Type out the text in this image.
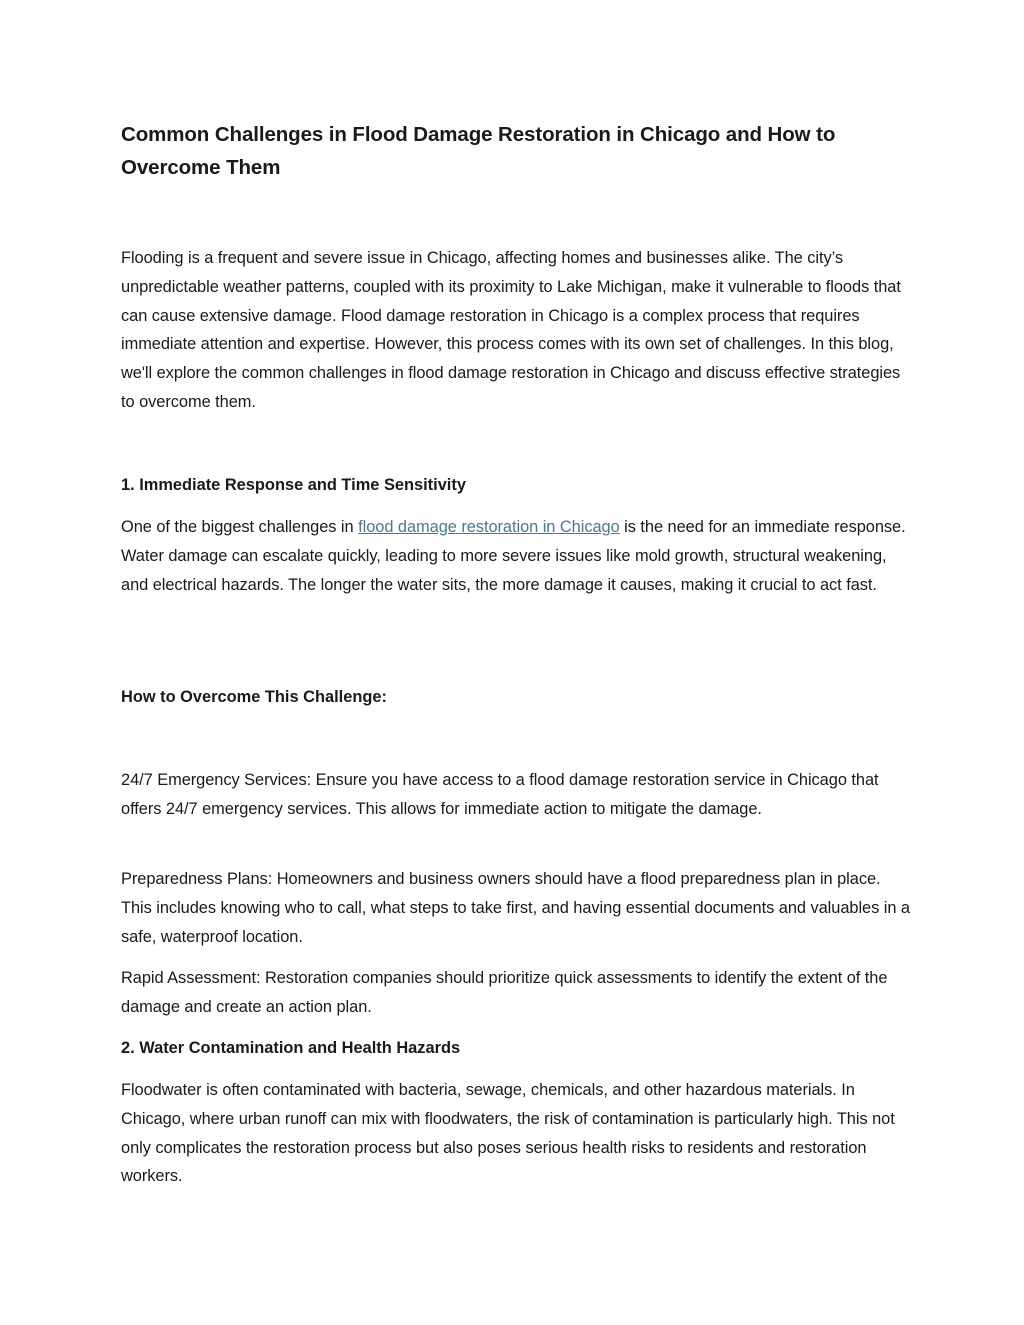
Common Challenges in Flood Damage Restoration in Chicago and How to Overcome Them
Flooding is a frequent and severe issue in Chicago, affecting homes and businesses alike. The city’s unpredictable weather patterns, coupled with its proximity to Lake Michigan, make it vulnerable to floods that can cause extensive damage. Flood damage restoration in Chicago is a complex process that requires immediate attention and expertise. However, this process comes with its own set of challenges. In this blog, we'll explore the common challenges in flood damage restoration in Chicago and discuss effective strategies to overcome them.
1. Immediate Response and Time Sensitivity
One of the biggest challenges in flood damage restoration in Chicago is the need for an immediate response. Water damage can escalate quickly, leading to more severe issues like mold growth, structural weakening, and electrical hazards. The longer the water sits, the more damage it causes, making it crucial to act fast.
How to Overcome This Challenge:
24/7 Emergency Services: Ensure you have access to a flood damage restoration service in Chicago that offers 24/7 emergency services. This allows for immediate action to mitigate the damage.
Preparedness Plans: Homeowners and business owners should have a flood preparedness plan in place. This includes knowing who to call, what steps to take first, and having essential documents and valuables in a safe, waterproof location.
Rapid Assessment: Restoration companies should prioritize quick assessments to identify the extent of the damage and create an action plan.
2. Water Contamination and Health Hazards
Floodwater is often contaminated with bacteria, sewage, chemicals, and other hazardous materials. In Chicago, where urban runoff can mix with floodwaters, the risk of contamination is particularly high. This not only complicates the restoration process but also poses serious health risks to residents and restoration workers.
